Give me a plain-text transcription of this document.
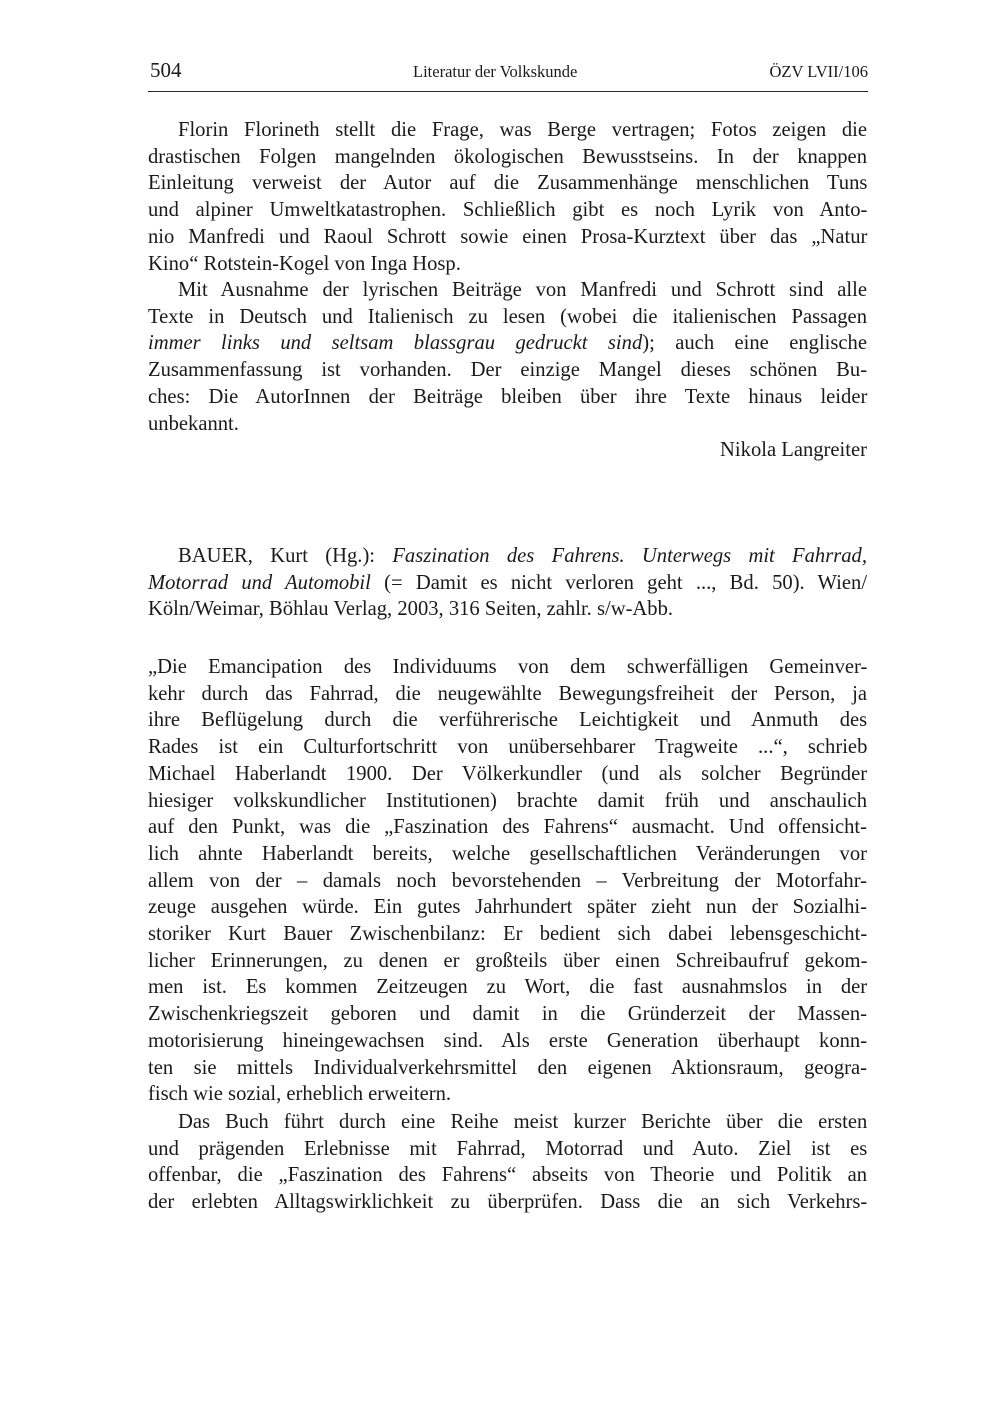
504	Literatur der Volkskunde	ÖZV LVII/106
Florin Florineth stellt die Frage, was Berge vertragen; Fotos zeigen die
drastischen Folgen mangelnden ökologischen Bewusstseins. In der knappen
Einleitung verweist der Autor auf die Zusammenhänge menschlichen Tuns
und alpiner Umweltkatastrophen. Schließlich gibt es noch Lyrik von Anto-
nio Manfredi und Raoul Schrott sowie einen Prosa-Kurztext über das „Natur
Kino“ Rotstein-Kogel von Inga Hosp.
Mit Ausnahme der lyrischen Beiträge von Manfredi und Schrott sind alle
Texte in Deutsch und Italienisch zu lesen (wobei die italienischen Passagen
immer links und seltsam blassgrau gedruckt sind); auch eine englische
Zusammenfassung ist vorhanden. Der einzige Mangel dieses schönen Bu-
ches: Die AutorInnen der Beiträge bleiben über ihre Texte hinaus leider
unbekannt.
Nikola Langreiter
BAUER, Kurt (Hg.): Faszination des Fahrens. Unterwegs mit Fahrrad,
Motorrad und Automobil (= Damit es nicht verloren geht ..., Bd. 50). Wien/
Köln/Weimar, Böhlau Verlag, 2003, 316 Seiten, zahlr. s/w-Abb.
„Die Emancipation des Individuums von dem schwerfälligen Gemeinver-
kehr durch das Fahrrad, die neugewählte Bewegungsfreiheit der Person, ja
ihre Beflügelung durch die verführerische Leichtigkeit und Anmuth des
Rades ist ein Culturfortschritt von unübersehbarer Tragweite ...“, schrieb
Michael Haberlandt 1900. Der Völkerkundler (und als solcher Begründer
hiesiger volkskundlicher Institutionen) brachte damit früh und anschaulich
auf den Punkt, was die „Faszination des Fahrens“ ausmacht. Und offensicht-
lich ahnte Haberlandt bereits, welche gesellschaftlichen Veränderungen vor
allem von der – damals noch bevorstehenden – Verbreitung der Motorfahr-
zeuge ausgehen würde. Ein gutes Jahrhundert später zieht nun der Sozialhi-
storiker Kurt Bauer Zwischenbilanz: Er bedient sich dabei lebensgeschicht-
licher Erinnerungen, zu denen er großteils über einen Schreibaufruf gekom-
men ist. Es kommen Zeitzeugen zu Wort, die fast ausnahmslos in der
Zwischenkriegszeit geboren und damit in die Gründerzeit der Massen-
motorisierung hineingewachsen sind. Als erste Generation überhaupt konn-
ten sie mittels Individualverkehrsmittel den eigenen Aktionsraum, geogra-
fisch wie sozial, erheblich erweitern.
Das Buch führt durch eine Reihe meist kurzer Berichte über die ersten
und prägenden Erlebnisse mit Fahrrad, Motorrad und Auto. Ziel ist es
offenbar, die „Faszination des Fahrens“ abseits von Theorie und Politik an
der erlebten Alltagswirklichkeit zu überprüfen. Dass die an sich Verkehrs-
